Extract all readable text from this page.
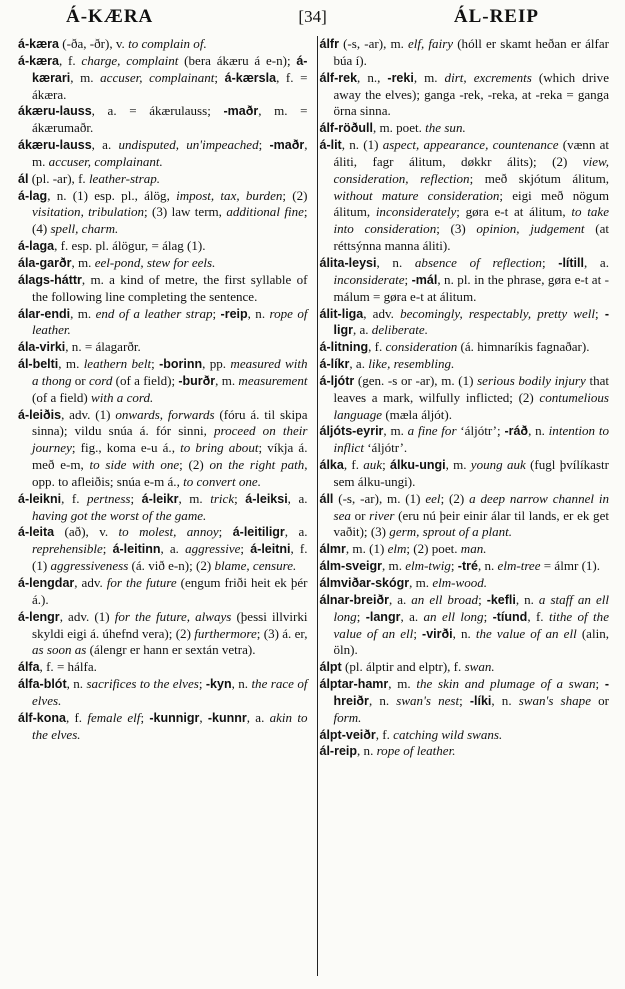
Á-KÆRA	[34]	ÁL-REIP

á-kæra (-ða, -ðr), v. to complain of.

á-kæra, f. charge, complaint (bera ákæru á e-n); á-kærari, m. accuser, complainant; á-kærsla, f. = ákæra.

ákæru-lauss, a. = ákærulauss; -maðr, m. = ákærumaðr.

ákæru-lauss, a. undisputed, un'impeached; -maðr, m. accuser, complainant.

ál (pl. -ar), f. leather-strap.

á-lag, n. (1) esp. pl., álög, impost, tax, burden; (2) visitation, tribulation; (3) law term, additional fine; (4) spell, charm.

á-laga, f. esp. pl. álögur, = álag (1).

ála-garðr, m. eel-pond, stew for eels.

álags-háttr, m. a kind of metre, the first syllable of the following line completing the sentence.

álar-endi, m. end of a leather strap; -reip, n. rope of leather.

ála-virki, n. = álagarðr.

ál-belti, m. leathern belt; -borinn, pp. measured with a thong or cord (of a field); -burðr, m. measurement (of a field) with a cord.

á-leiðis, adv. (1) onwards, forwards (fóru á. til skipa sinna); vildu snúa á. fór sinni, proceed on their journey; fig., koma e-u á., to bring about; víkja á. með e-m, to side with one; (2) on the right path, opp. to afleiðis; snúa e-m á., to convert one.

á-leikni, f. pertness; á-leikr, m. trick; á-leiksi, a. having got the worst of the game.

á-leita (að), v. to molest, annoy; á-leitiligr, a. reprehensible; á-leitinn, a. aggressive; á-leitni, f. (1) aggressiveness (á. við e-n); (2) blame, censure.

á-lengdar, adv. for the future (engum friði heit ek þér á.).

á-lengr, adv. (1) for the future, always (þessi illvirki skyldi eigi á. úhefnd vera); (2) furthermore; (3) á. er, as soon as (álengr er hann er sextán vetra).

álfa, f. = hálfa.

álfa-blót, n. sacrifices to the elves; -kyn, n. the race of elves.

álf-kona, f. female elf; -kunnigr, -kunnr, a. akin to the elves.

álfr (-s, -ar), m. elf, fairy (hóll er skamt heðan er álfar búa í).

álf-rek, n., -reki, m. dirt, excrements (which drive away the elves); ganga -rek, -reka, at -reka = ganga örna sinna.

álf-röðull, m. poet. the sun.

á-lit, n. (1) aspect, appearance, countenance (vænn at áliti, fagr álitum, døkkr álits); (2) view, consideration, reflection; með skjótum álitum, without mature consideration; eigi með nögum álitum, inconsiderately; gøra e-t at álitum, to take into consideration; (3) opinion, judgement (at réttsýnna manna áliti).

álita-leysi, n. absence of reflection; -lítill, a. inconsiderate; -mál, n. pl. in the phrase, gøra e-t at -málum = gøra e-t at álitum.

álit-liga, adv. becomingly, respectably, pretty well; -ligr, a. deliberate.

á-litning, f. consideration (á. himnaríkis fagnaðar).

á-líkr, a. like, resembling.

á-ljótr (gen. -s or -ar), m. (1) serious bodily injury that leaves a mark, wilfully inflicted; (2) contumelious language (mæla áljót).

áljóts-eyrir, m. a fine for ‘áljótr’; -ráð, n. intention to inflict ‘áljótr’.

álka, f. auk; álku-ungi, m. young auk (fugl þvílíkastr sem álku-ungi).

áll (-s, -ar), m. (1) eel; (2) a deep narrow channel in sea or river (eru nú þeir einir álar til lands, er ek get vaðit); (3) germ, sprout of a plant.

álmr, m. (1) elm; (2) poet. man.

álm-sveigr, m. elm-twig; -tré, n. elm-tree = álmr (1).

álmviðar-skógr, m. elm-wood.

álnar-breiðr, a. an ell broad; -kefli, n. a staff an ell long; -langr, a. an ell long; -tíund, f. tithe of the value of an ell; -virði, n. the value of an ell (alin, öln).

álpt (pl. álptir and elptr), f. swan.

álptar-hamr, m. the skin and plumage of a swan; -hreiðr, n. swan's nest; -líki, n. swan's shape or form.

álpt-veiðr, f. catching wild swans.

ál-reip, n. rope of leather.
